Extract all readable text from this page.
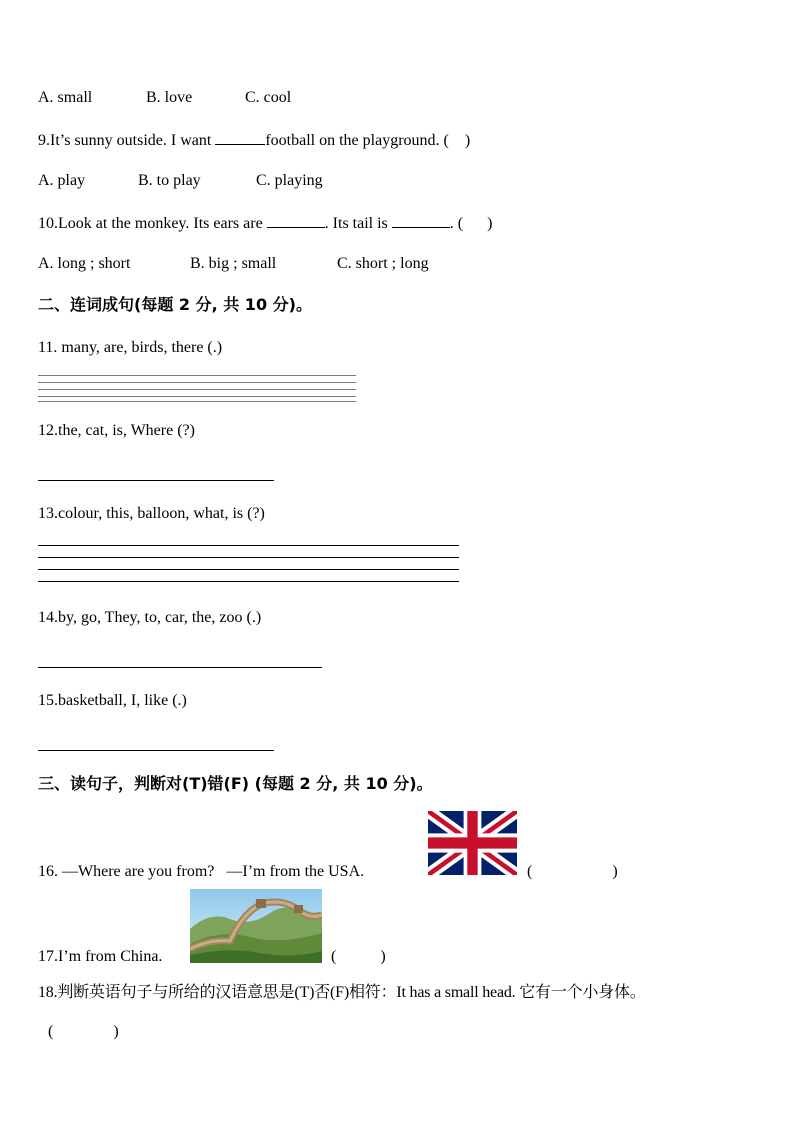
A. small	B. love	C. cool
9.It’s sunny outside. I want	football on the playground. (    )
A. play	B. to play	C. playing
10.Look at the monkey. Its ears are	. Its tail is	. (      )
A. long ; short	B. big ; small	C. short ; long
二、连词成句(每题 2 分, 共 10 分)。
11. many, are, birds, there (.)
12.the, cat, is, Where (?)
13.colour, this, balloon, what, is (?)
14.by, go, They, to, car, the, zoo (.)
15.basketball, I, like (.)
三、读句子，判断对(T)错(F) (每题 2 分, 共 10 分)。
16. —Where are you from?   —I’m from the USA.	(                    )
17.I’m from China.	(           )
18.判断英语句子与所给的汉语意思是(T)否(F)相符：It has a small head. 它有一个小身体。
(               )
